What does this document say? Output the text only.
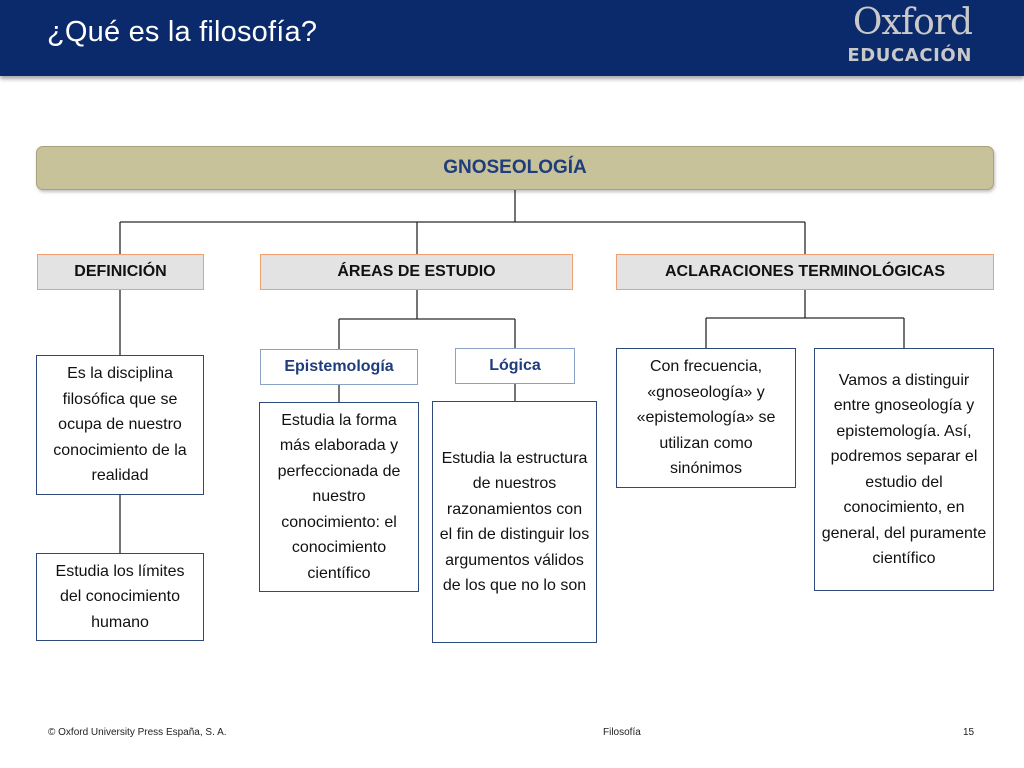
¿Qué es la filosofía?	Oxford
EDUCACIÓN
GNOSEOLOGÍA
DEFINICIÓN	ÁREAS DE ESTUDIO	ACLARACIONES TERMINOLÓGICAS
Es la disciplina filosófica que se ocupa de nuestro conocimiento de la realidad
Estudia los límites del conocimiento humano
Epistemología	Lógica
Estudia la forma más elaborada y perfeccionada de nuestro conocimiento: el conocimiento científico
Estudia la estructura de nuestros razonamientos con el fin de distinguir los argumentos válidos de los que no lo son
Con frecuencia, «gnoseología» y «epistemología» se utilizan como sinónimos
Vamos a distinguir entre gnoseología y epistemología. Así, podremos separar el estudio del conocimiento, en general, del puramente científico
© Oxford University Press España, S. A.	Filosofía	15
